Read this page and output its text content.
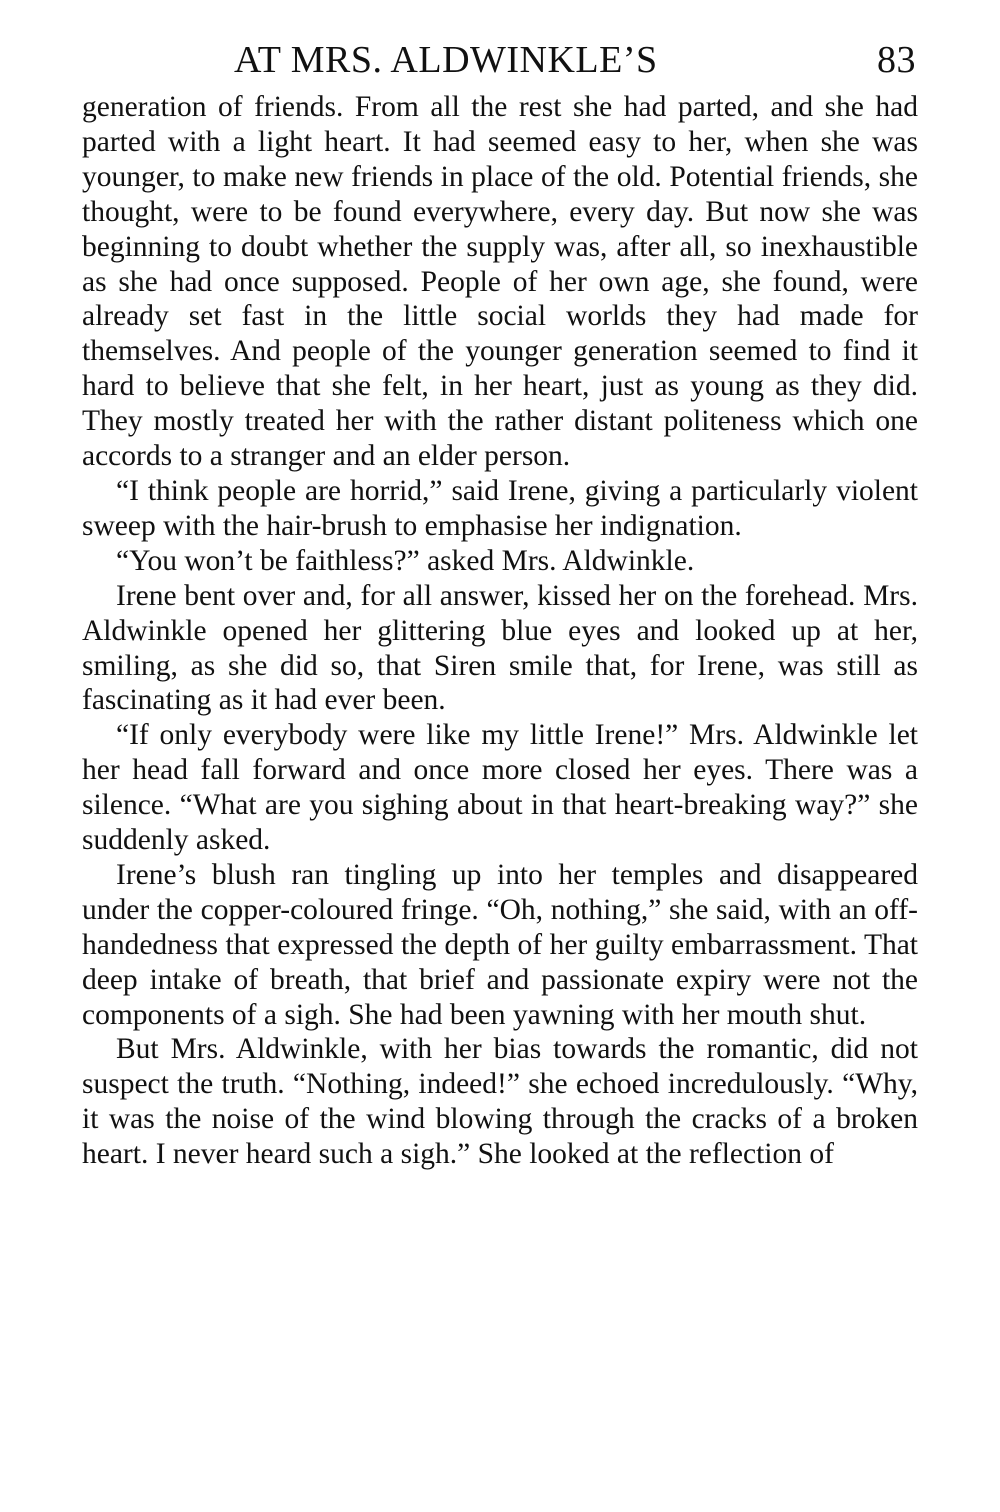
AT MRS. ALDWINKLE’S	83

generation of friends. From all the rest she had parted, and she had parted with a light heart. It had seemed easy to her, when she was younger, to make new friends in place of the old. Potential friends, she thought, were to be found everywhere, every day. But now she was beginning to doubt whether the supply was, after all, so inexhaustible as she had once supposed. People of her own age, she found, were already set fast in the little social worlds they had made for themselves. And people of the younger generation seemed to find it hard to believe that she felt, in her heart, just as young as they did. They mostly treated her with the rather distant politeness which one accords to a stranger and an elder person.

“I think people are horrid,” said Irene, giving a particularly violent sweep with the hair-brush to emphasise her indignation.

“You won’t be faithless?” asked Mrs. Aldwinkle.

Irene bent over and, for all answer, kissed her on the forehead. Mrs. Aldwinkle opened her glittering blue eyes and looked up at her, smiling, as she did so, that Siren smile that, for Irene, was still as fascinating as it had ever been.

“If only everybody were like my little Irene!” Mrs. Aldwinkle let her head fall forward and once more closed her eyes. There was a silence. “What are you sighing about in that heart-breaking way?” she suddenly asked.

Irene’s blush ran tingling up into her temples and disappeared under the copper-coloured fringe. “Oh, nothing,” she said, with an off-handedness that expressed the depth of her guilty embarrassment. That deep intake of breath, that brief and passionate expiry were not the components of a sigh. She had been yawning with her mouth shut.

But Mrs. Aldwinkle, with her bias towards the romantic, did not suspect the truth. “Nothing, indeed!” she echoed incredulously. “Why, it was the noise of the wind blowing through the cracks of a broken heart. I never heard such a sigh.” She looked at the reflection of
